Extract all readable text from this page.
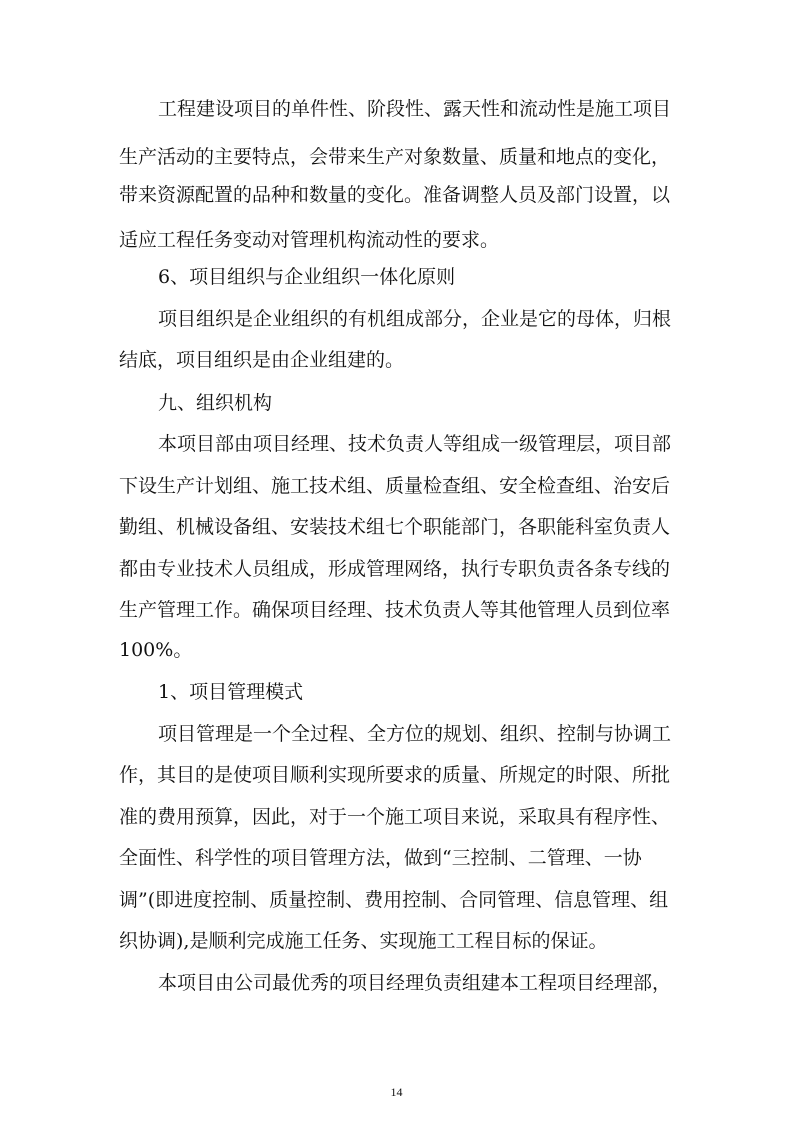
工程建设项目的单件性、阶段性、露天性和流动性是施工项目
生产活动的主要特点，会带来生产对象数量、质量和地点的变化，
带来资源配置的品种和数量的变化。准备调整人员及部门设置，以
适应工程任务变动对管理机构流动性的要求。
6、项目组织与企业组织一体化原则
项目组织是企业组织的有机组成部分，企业是它的母体，归根
结底，项目组织是由企业组建的。
九、组织机构
本项目部由项目经理、技术负责人等组成一级管理层，项目部
下设生产计划组、施工技术组、质量检查组、安全检查组、治安后
勤组、机械设备组、安装技术组七个职能部门，各职能科室负责人
都由专业技术人员组成，形成管理网络，执行专职负责各条专线的
生产管理工作。确保项目经理、技术负责人等其他管理人员到位率
100%。
1、项目管理模式
项目管理是一个全过程、全方位的规划、组织、控制与协调工
作，其目的是使项目顺利实现所要求的质量、所规定的时限、所批
准的费用预算，因此，对于一个施工项目来说，采取具有程序性、
全面性、科学性的项目管理方法，做到“三控制、二管理、一协
调”(即进度控制、质量控制、费用控制、合同管理、信息管理、组
织协调),是顺利完成施工任务、实现施工工程目标的保证。
本项目由公司最优秀的项目经理负责组建本工程项目经理部，
14
